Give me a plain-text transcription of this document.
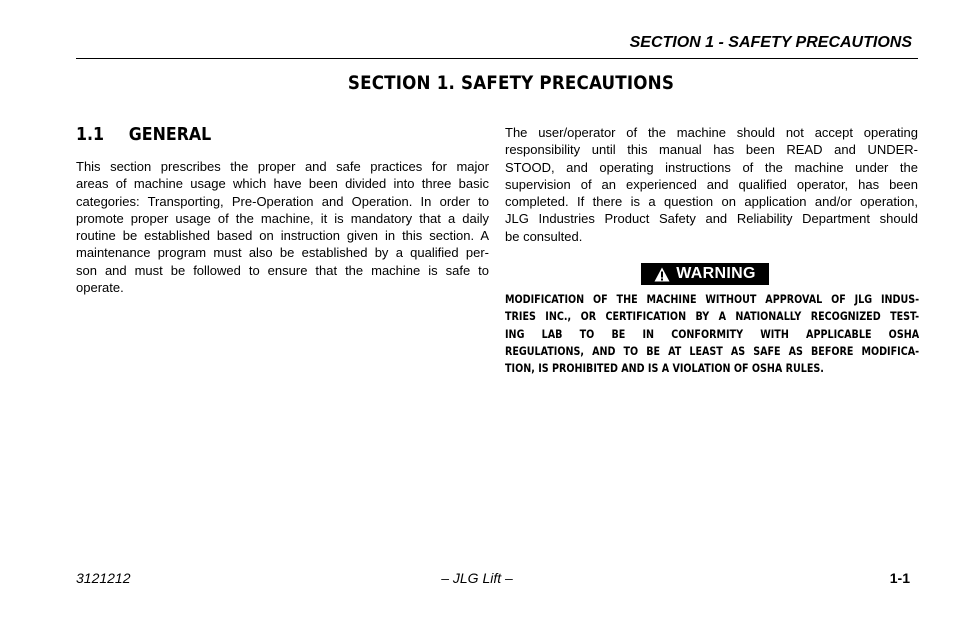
SECTION 1 - SAFETY PRECAUTIONS
SECTION 1. SAFETY PRECAUTIONS
1.1 GENERAL
This section prescribes the proper and safe practices for major
areas of machine usage which have been divided into three basic
categories: Transporting, Pre-Operation and Operation. In order to
promote proper usage of the machine, it is mandatory that a daily
routine be established based on instruction given in this section. A
maintenance program must also be established by a qualified per-
son and must be followed to ensure that the machine is safe to
operate.
The user/operator of the machine should not accept operating
responsibility until this manual has been READ and UNDER-
STOOD, and operating instructions of the machine under the
supervision of an experienced and qualified operator, has been
completed. If there is a question on application and/or operation,
JLG Industries Product Safety and Reliability Department should
be consulted.
WARNING
MODIFICATION OF THE MACHINE WITHOUT APPROVAL OF JLG INDUS-
TRIES INC., OR CERTIFICATION BY A NATIONALLY RECOGNIZED TEST-
ING LAB TO BE IN CONFORMITY WITH APPLICABLE OSHA
REGULATIONS, AND TO BE AT LEAST AS SAFE AS BEFORE MODIFICA-
TION, IS PROHIBITED AND IS A VIOLATION OF OSHA RULES.
3121212	– JLG Lift –	1-1
